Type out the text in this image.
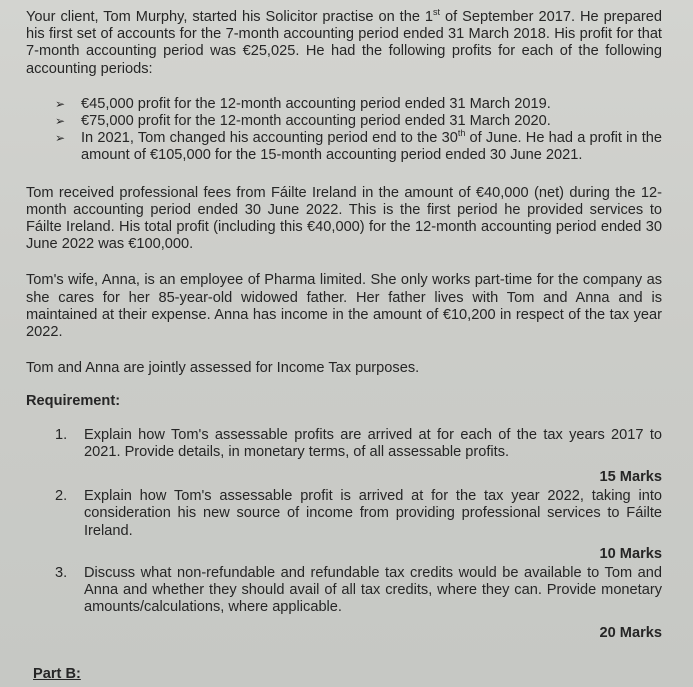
Your client, Tom Murphy, started his Solicitor practise on the 1st of September 2017. He prepared his first set of accounts for the 7-month accounting period ended 31 March 2018. His profit for that 7-month accounting period was €25,025. He had the following profits for each of the following accounting periods:

➢ €45,000 profit for the 12-month accounting period ended 31 March 2019.
➢ €75,000 profit for the 12-month accounting period ended 31 March 2020.
➢ In 2021, Tom changed his accounting period end to the 30th of June. He had a profit in the amount of €105,000 for the 15-month accounting period ended 30 June 2021.

Tom received professional fees from Fáilte Ireland in the amount of €40,000 (net) during the 12-month accounting period ended 30 June 2022. This is the first period he provided services to Fáilte Ireland. His total profit (including this €40,000) for the 12-month accounting period ended 30 June 2022 was €100,000.

Tom's wife, Anna, is an employee of Pharma limited. She only works part-time for the company as she cares for her 85-year-old widowed father. Her father lives with Tom and Anna and is maintained at their expense. Anna has income in the amount of €10,200 in respect of the tax year 2022.

Tom and Anna are jointly assessed for Income Tax purposes.

Requirement:

1. Explain how Tom's assessable profits are arrived at for each of the tax years 2017 to 2021. Provide details, in monetary terms, of all assessable profits.
15 Marks
2. Explain how Tom's assessable profit is arrived at for the tax year 2022, taking into consideration his new source of income from providing professional services to Fáilte Ireland.
10 Marks
3. Discuss what non-refundable and refundable tax credits would be available to Tom and Anna and whether they should avail of all tax credits, where they can. Provide monetary amounts/calculations, where applicable.
20 Marks
Part B:
